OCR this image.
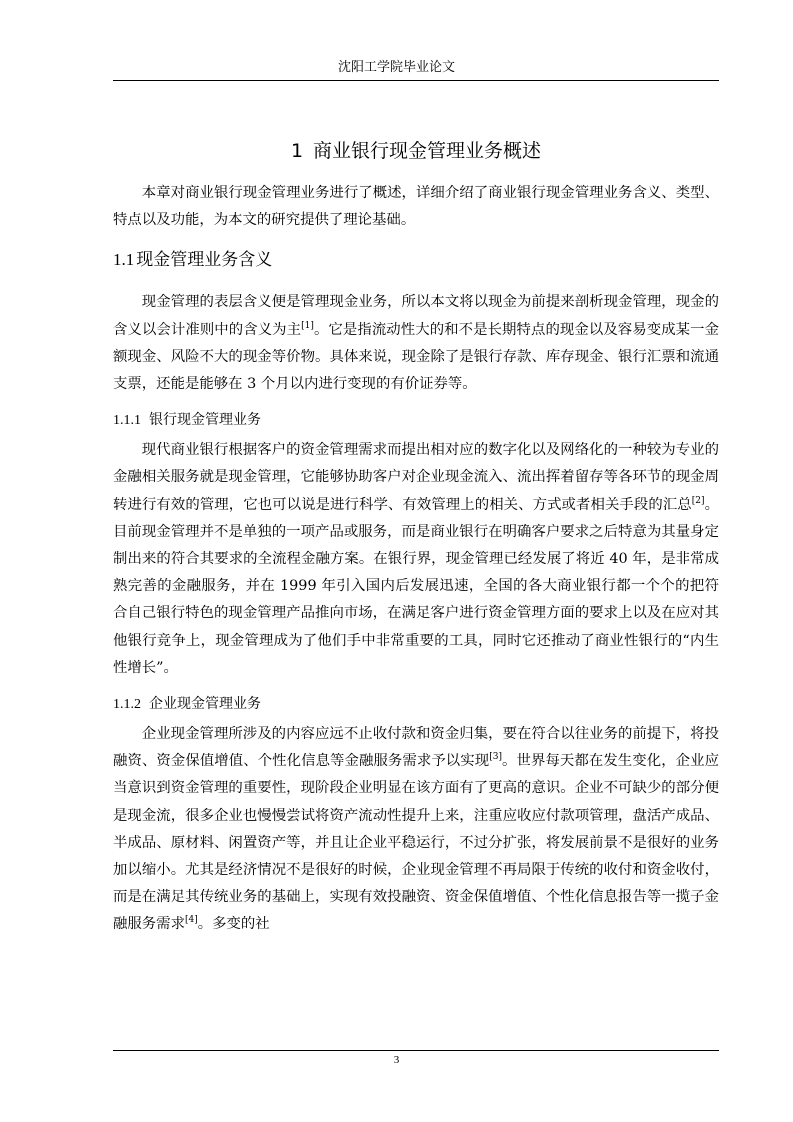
沈阳工学院毕业论文
1 商业银行现金管理业务概述

本章对商业银行现金管理业务进行了概述，详细介绍了商业银行现金管理业务含义、类型、特点以及功能，为本文的研究提供了理论基础。

1.1 现金管理业务含义

现金管理的表层含义便是管理现金业务，所以本文将以现金为前提来剖析现金管理，现金的含义以会计准则中的含义为主[1]。它是指流动性大的和不是长期特点的现金以及容易变成某一金额现金、风险不大的现金等价物。具体来说，现金除了是银行存款、库存现金、银行汇票和流通支票，还能是能够在 3 个月以内进行变现的有价证券等。

1.1.1 银行现金管理业务

现代商业银行根据客户的资金管理需求而提出相对应的数字化以及网络化的一种较为专业的金融相关服务就是现金管理，它能够协助客户对企业现金流入、流出挥着留存等各环节的现金周转进行有效的管理，它也可以说是进行科学、有效管理上的相关、方式或者相关手段的汇总[2]。目前现金管理并不是单独的一项产品或服务，而是商业银行在明确客户要求之后特意为其量身定制出来的符合其要求的全流程金融方案。在银行界，现金管理已经发展了将近 40 年，是非常成熟完善的金融服务，并在 1999 年引入国内后发展迅速，全国的各大商业银行都一个个的把符合自己银行特色的现金管理产品推向市场，在满足客户进行资金管理方面的要求上以及在应对其他银行竞争上，现金管理成为了他们手中非常重要的工具，同时它还推动了商业性银行的“内生性增长”。

1.1.2 企业现金管理业务

企业现金管理所涉及的内容应远不止收付款和资金归集，要在符合以往业务的前提下，将投融资、资金保值增值、个性化信息等金融服务需求予以实现[3]。世界每天都在发生变化，企业应当意识到资金管理的重要性，现阶段企业明显在该方面有了更高的意识。企业不可缺少的部分便是现金流，很多企业也慢慢尝试将资产流动性提升上来，注重应收应付款项管理，盘活产成品、半成品、原材料、闲置资产等，并且让企业平稳运行，不过分扩张，将发展前景不是很好的业务加以缩小。尤其是经济情况不是很好的时候，企业现金管理不再局限于传统的收付和资金收付，而是在满足其传统业务的基础上，实现有效投融资、资金保值增值、个性化信息报告等一揽子金融服务需求[4]。多变的社

3
